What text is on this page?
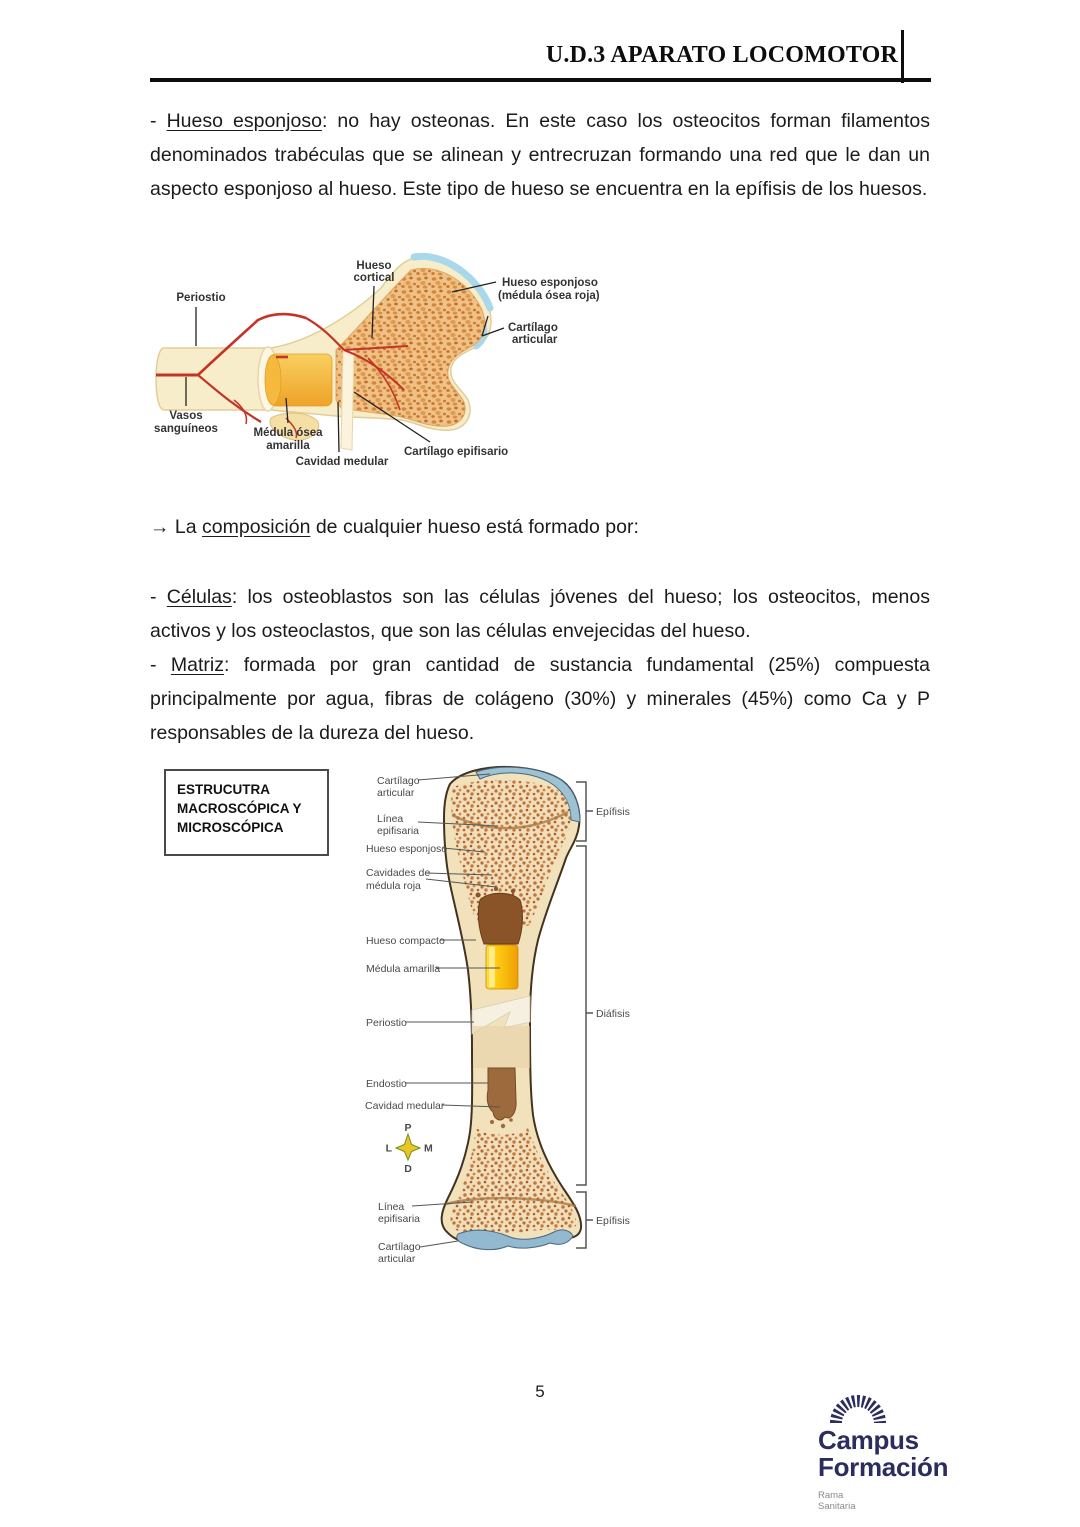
U.D.3 APARATO LOCOMOTOR

- Hueso esponjoso: no hay osteonas. En este caso los osteocitos forman filamentos denominados trabéculas que se alinean y entrecruzan formando una red que le dan un aspecto esponjoso al hueso. Este tipo de hueso se encuentra en la epífisis de los huesos.

Hueso
cortical
Periostio
Hueso esponjoso
(médula ósea roja)
Cartílago
articular
Vasos
sanguíneos	Médula ósea
amarilla
Cavidad medular
Cartílago epifisario

→ La composición de cualquier hueso está formado por:

- Células: los osteoblastos son las células jóvenes del hueso; los osteocitos, menos activos y los osteoclastos, que son las células envejecidas del hueso.

- Matriz: formada por gran cantidad de sustancia fundamental (25%) compuesta principalmente por agua, fibras de colágeno (30%) y minerales (45%) como Ca y P responsables de la dureza del hueso.

ESTRUCUTRA
MACROSCÓPICA Y
MICROSCÓPICA
P
L	M
D
Cartílago
articular
Línea
epifisaria
Hueso esponjoso
Cavidades de
médula roja
Hueso compacto
Médula amarilla
Periostio
Endostio
Cavidad medular
Línea
epifisaria
Cartílago
articular
Epífisis
Diáfisis
Epífisis
5
Campus
Formación
Rama
Sanitaria
